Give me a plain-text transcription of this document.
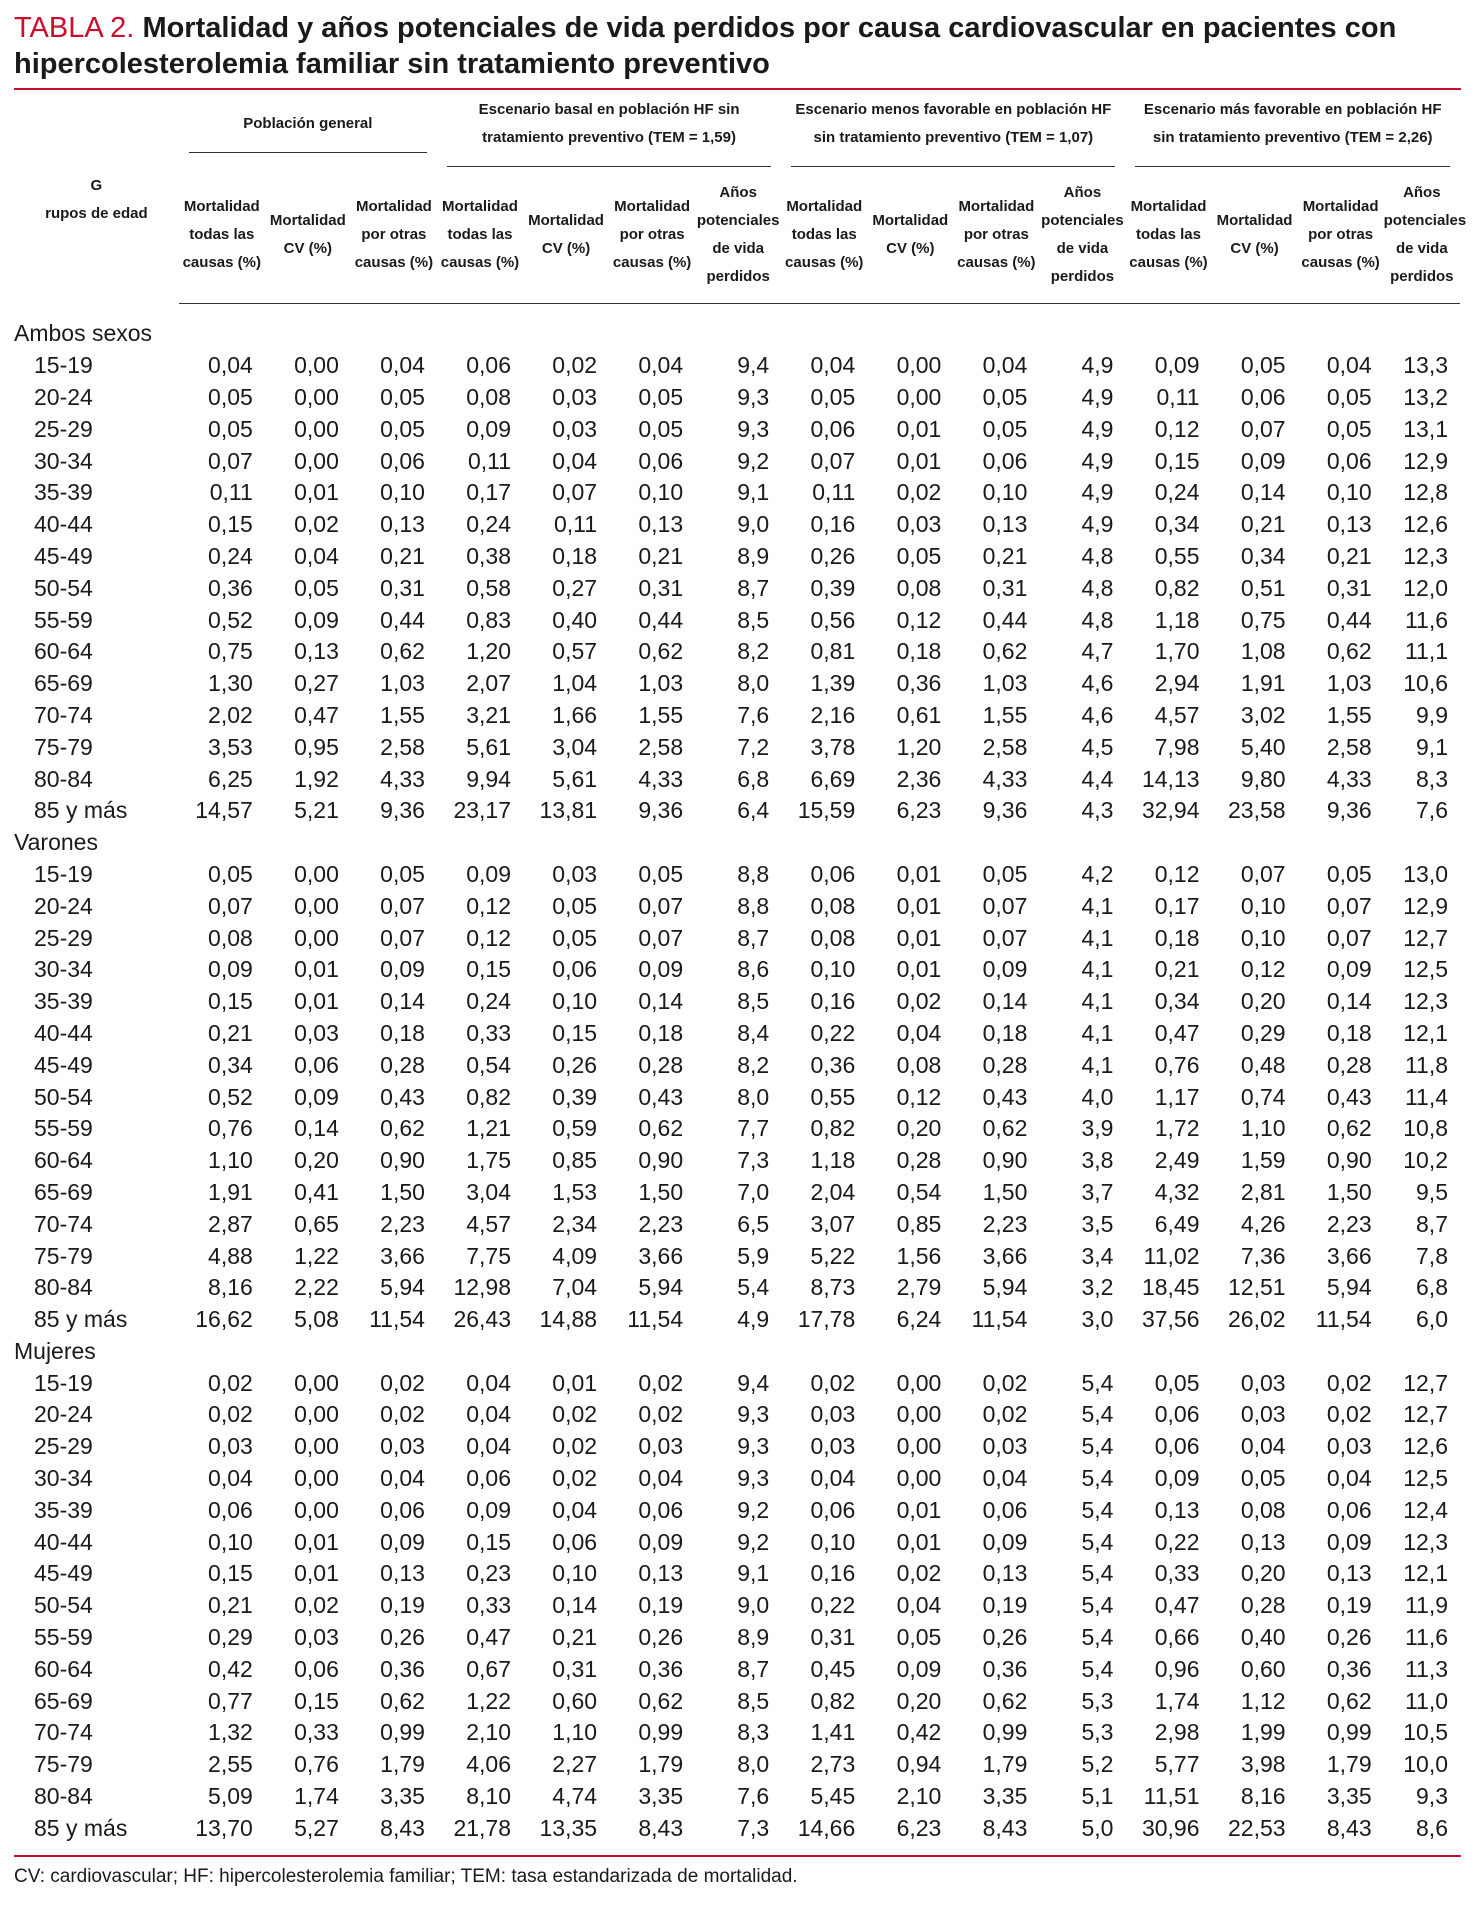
TABLA 2. Mortalidad y años potenciales de vida perdidos por causa cardiovascular en pacientes con hipercolesterolemia familiar sin tratamiento preventivo
G
rupos de edad	Población general			Escenario basal en población HF sin tratamiento preventivo (TEM = 1,59)				Escenario menos favorable en población HF sin tratamiento preventivo (TEM = 1,07)				Escenario más favorable en población HF sin tratamiento preventivo (TEM = 2,26)			

	Mortalidad todas las causas (%)	Mortalidad CV (%)	Mortalidad por otras causas (%)	Mortalidad todas las causas (%)	Mortalidad CV (%)	Mortalidad por otras causas (%)	Años potenciales de vida perdidos	Mortalidad todas las causas (%)	Mortalidad CV (%)	Mortalidad por otras causas (%)	Años potenciales de vida perdidos	Mortalidad todas las causas (%)	Mortalidad CV (%)	Mortalidad por otras causas (%)	Años potenciales de vida perdidos
Ambos sexos															
15-19	0,04	0,00	0,04	0,06	0,02	0,04	9,4	0,04	0,00	0,04	4,9	0,09	0,05	0,04	13,3
20-24	0,05	0,00	0,05	0,08	0,03	0,05	9,3	0,05	0,00	0,05	4,9	0,11	0,06	0,05	13,2
25-29	0,05	0,00	0,05	0,09	0,03	0,05	9,3	0,06	0,01	0,05	4,9	0,12	0,07	0,05	13,1
30-34	0,07	0,00	0,06	0,11	0,04	0,06	9,2	0,07	0,01	0,06	4,9	0,15	0,09	0,06	12,9
35-39	0,11	0,01	0,10	0,17	0,07	0,10	9,1	0,11	0,02	0,10	4,9	0,24	0,14	0,10	12,8
40-44	0,15	0,02	0,13	0,24	0,11	0,13	9,0	0,16	0,03	0,13	4,9	0,34	0,21	0,13	12,6
45-49	0,24	0,04	0,21	0,38	0,18	0,21	8,9	0,26	0,05	0,21	4,8	0,55	0,34	0,21	12,3
50-54	0,36	0,05	0,31	0,58	0,27	0,31	8,7	0,39	0,08	0,31	4,8	0,82	0,51	0,31	12,0
55-59	0,52	0,09	0,44	0,83	0,40	0,44	8,5	0,56	0,12	0,44	4,8	1,18	0,75	0,44	11,6
60-64	0,75	0,13	0,62	1,20	0,57	0,62	8,2	0,81	0,18	0,62	4,7	1,70	1,08	0,62	11,1
65-69	1,30	0,27	1,03	2,07	1,04	1,03	8,0	1,39	0,36	1,03	4,6	2,94	1,91	1,03	10,6
70-74	2,02	0,47	1,55	3,21	1,66	1,55	7,6	2,16	0,61	1,55	4,6	4,57	3,02	1,55	9,9
75-79	3,53	0,95	2,58	5,61	3,04	2,58	7,2	3,78	1,20	2,58	4,5	7,98	5,40	2,58	9,1
80-84	6,25	1,92	4,33	9,94	5,61	4,33	6,8	6,69	2,36	4,33	4,4	14,13	9,80	4,33	8,3
85 y más	14,57	5,21	9,36	23,17	13,81	9,36	6,4	15,59	6,23	9,36	4,3	32,94	23,58	9,36	7,6
Varones															
15-19	0,05	0,00	0,05	0,09	0,03	0,05	8,8	0,06	0,01	0,05	4,2	0,12	0,07	0,05	13,0
20-24	0,07	0,00	0,07	0,12	0,05	0,07	8,8	0,08	0,01	0,07	4,1	0,17	0,10	0,07	12,9
25-29	0,08	0,00	0,07	0,12	0,05	0,07	8,7	0,08	0,01	0,07	4,1	0,18	0,10	0,07	12,7
30-34	0,09	0,01	0,09	0,15	0,06	0,09	8,6	0,10	0,01	0,09	4,1	0,21	0,12	0,09	12,5
35-39	0,15	0,01	0,14	0,24	0,10	0,14	8,5	0,16	0,02	0,14	4,1	0,34	0,20	0,14	12,3
40-44	0,21	0,03	0,18	0,33	0,15	0,18	8,4	0,22	0,04	0,18	4,1	0,47	0,29	0,18	12,1
45-49	0,34	0,06	0,28	0,54	0,26	0,28	8,2	0,36	0,08	0,28	4,1	0,76	0,48	0,28	11,8
50-54	0,52	0,09	0,43	0,82	0,39	0,43	8,0	0,55	0,12	0,43	4,0	1,17	0,74	0,43	11,4
55-59	0,76	0,14	0,62	1,21	0,59	0,62	7,7	0,82	0,20	0,62	3,9	1,72	1,10	0,62	10,8
60-64	1,10	0,20	0,90	1,75	0,85	0,90	7,3	1,18	0,28	0,90	3,8	2,49	1,59	0,90	10,2
65-69	1,91	0,41	1,50	3,04	1,53	1,50	7,0	2,04	0,54	1,50	3,7	4,32	2,81	1,50	9,5
70-74	2,87	0,65	2,23	4,57	2,34	2,23	6,5	3,07	0,85	2,23	3,5	6,49	4,26	2,23	8,7
75-79	4,88	1,22	3,66	7,75	4,09	3,66	5,9	5,22	1,56	3,66	3,4	11,02	7,36	3,66	7,8
80-84	8,16	2,22	5,94	12,98	7,04	5,94	5,4	8,73	2,79	5,94	3,2	18,45	12,51	5,94	6,8
85 y más	16,62	5,08	11,54	26,43	14,88	11,54	4,9	17,78	6,24	11,54	3,0	37,56	26,02	11,54	6,0
Mujeres															
15-19	0,02	0,00	0,02	0,04	0,01	0,02	9,4	0,02	0,00	0,02	5,4	0,05	0,03	0,02	12,7
20-24	0,02	0,00	0,02	0,04	0,02	0,02	9,3	0,03	0,00	0,02	5,4	0,06	0,03	0,02	12,7
25-29	0,03	0,00	0,03	0,04	0,02	0,03	9,3	0,03	0,00	0,03	5,4	0,06	0,04	0,03	12,6
30-34	0,04	0,00	0,04	0,06	0,02	0,04	9,3	0,04	0,00	0,04	5,4	0,09	0,05	0,04	12,5
35-39	0,06	0,00	0,06	0,09	0,04	0,06	9,2	0,06	0,01	0,06	5,4	0,13	0,08	0,06	12,4
40-44	0,10	0,01	0,09	0,15	0,06	0,09	9,2	0,10	0,01	0,09	5,4	0,22	0,13	0,09	12,3
45-49	0,15	0,01	0,13	0,23	0,10	0,13	9,1	0,16	0,02	0,13	5,4	0,33	0,20	0,13	12,1
50-54	0,21	0,02	0,19	0,33	0,14	0,19	9,0	0,22	0,04	0,19	5,4	0,47	0,28	0,19	11,9
55-59	0,29	0,03	0,26	0,47	0,21	0,26	8,9	0,31	0,05	0,26	5,4	0,66	0,40	0,26	11,6
60-64	0,42	0,06	0,36	0,67	0,31	0,36	8,7	0,45	0,09	0,36	5,4	0,96	0,60	0,36	11,3
65-69	0,77	0,15	0,62	1,22	0,60	0,62	8,5	0,82	0,20	0,62	5,3	1,74	1,12	0,62	11,0
70-74	1,32	0,33	0,99	2,10	1,10	0,99	8,3	1,41	0,42	0,99	5,3	2,98	1,99	0,99	10,5
75-79	2,55	0,76	1,79	4,06	2,27	1,79	8,0	2,73	0,94	1,79	5,2	5,77	3,98	1,79	10,0
80-84	5,09	1,74	3,35	8,10	4,74	3,35	7,6	5,45	2,10	3,35	5,1	11,51	8,16	3,35	9,3
85 y más	13,70	5,27	8,43	21,78	13,35	8,43	7,3	14,66	6,23	8,43	5,0	30,96	22,53	8,43	8,6
CV: cardiovascular; HF: hipercolesterolemia familiar; TEM: tasa estandarizada de mortalidad.
